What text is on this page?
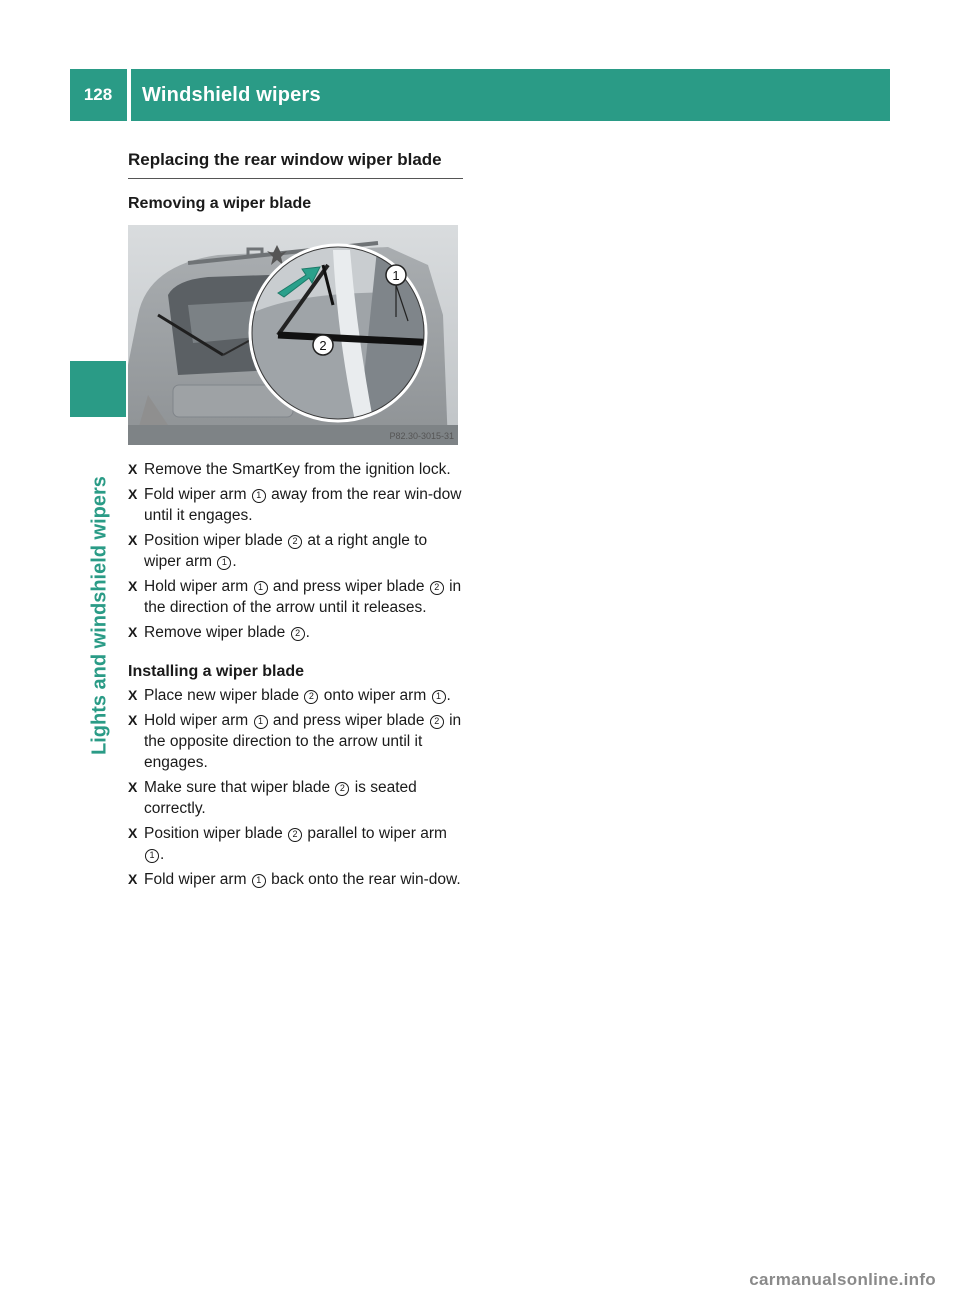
128	Windshield wipers
Lights and windshield wipers
Replacing the rear window wiper blade
Removing a wiper blade
1
2
P82.30-3015-31
X Remove the SmartKey from the ignition lock.
X Fold wiper arm 1 away from the rear win-dow until it engages.
X Position wiper blade 2 at a right angle to wiper arm 1 .
X Hold wiper arm 1 and press wiper blade 2 in the direction of the arrow until it releases.
X Remove wiper blade 2 .
Installing a wiper blade
X Place new wiper blade 2 onto wiper arm 1 .
X Hold wiper arm 1 and press wiper blade 2 in the opposite direction to the arrow until it engages.
X Make sure that wiper blade 2 is seated correctly.
X Position wiper blade 2 parallel to wiper arm 1 .
X Fold wiper arm 1 back onto the rear win-dow.
carmanualsonline.info
